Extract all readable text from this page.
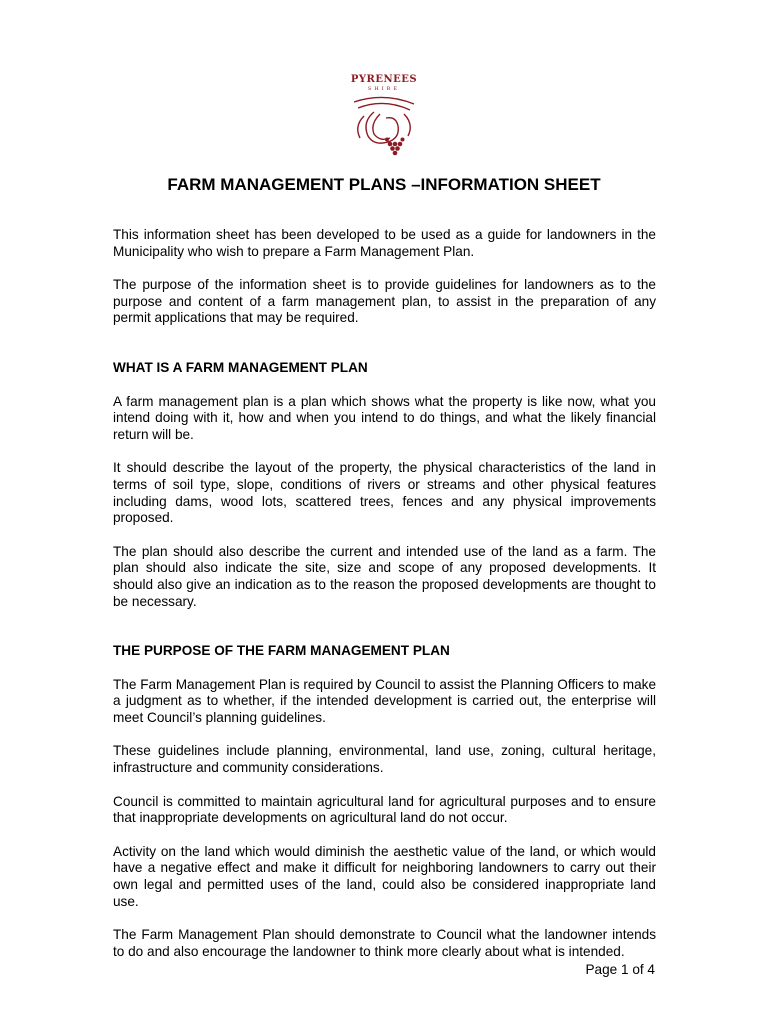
PYRENEES
SHIRE
FARM MANAGEMENT PLANS –INFORMATION SHEET

This information sheet has been developed to be used as a guide for landowners in the Municipality who wish to prepare a Farm Management Plan.

The purpose of the information sheet is to provide guidelines for landowners as to the purpose and content of a farm management plan, to assist in the preparation of any permit applications that may be required.

WHAT IS A FARM MANAGEMENT PLAN

A farm management plan is a plan which shows what the property is like now, what you intend doing with it, how and when you intend to do things, and what the likely financial return will be.

It should describe the layout of the property, the physical characteristics of the land in terms of soil type, slope, conditions of rivers or streams and other physical features including dams, wood lots, scattered trees, fences and any physical improvements proposed.

The plan should also describe the current and intended use of the land as a farm. The plan should also indicate the site, size and scope of any proposed developments. It should also give an indication as to the reason the proposed developments are thought to be necessary.

THE PURPOSE OF THE FARM MANAGEMENT PLAN

The Farm Management Plan is required by Council to assist the Planning Officers to make a judgment as to whether, if the intended development is carried out, the enterprise will meet Council’s planning guidelines.

These guidelines include planning, environmental, land use, zoning, cultural heritage, infrastructure and community considerations.

Council is committed to maintain agricultural land for agricultural purposes and to ensure that inappropriate developments on agricultural land do not occur.

Activity on the land which would diminish the aesthetic value of the land, or which would have a negative effect and make it difficult for neighboring landowners to carry out their own legal and permitted uses of the land, could also be considered inappropriate land use.

The Farm Management Plan should demonstrate to Council what the landowner intends to do and also encourage the landowner to think more clearly about what is intended.

Page 1 of 4
